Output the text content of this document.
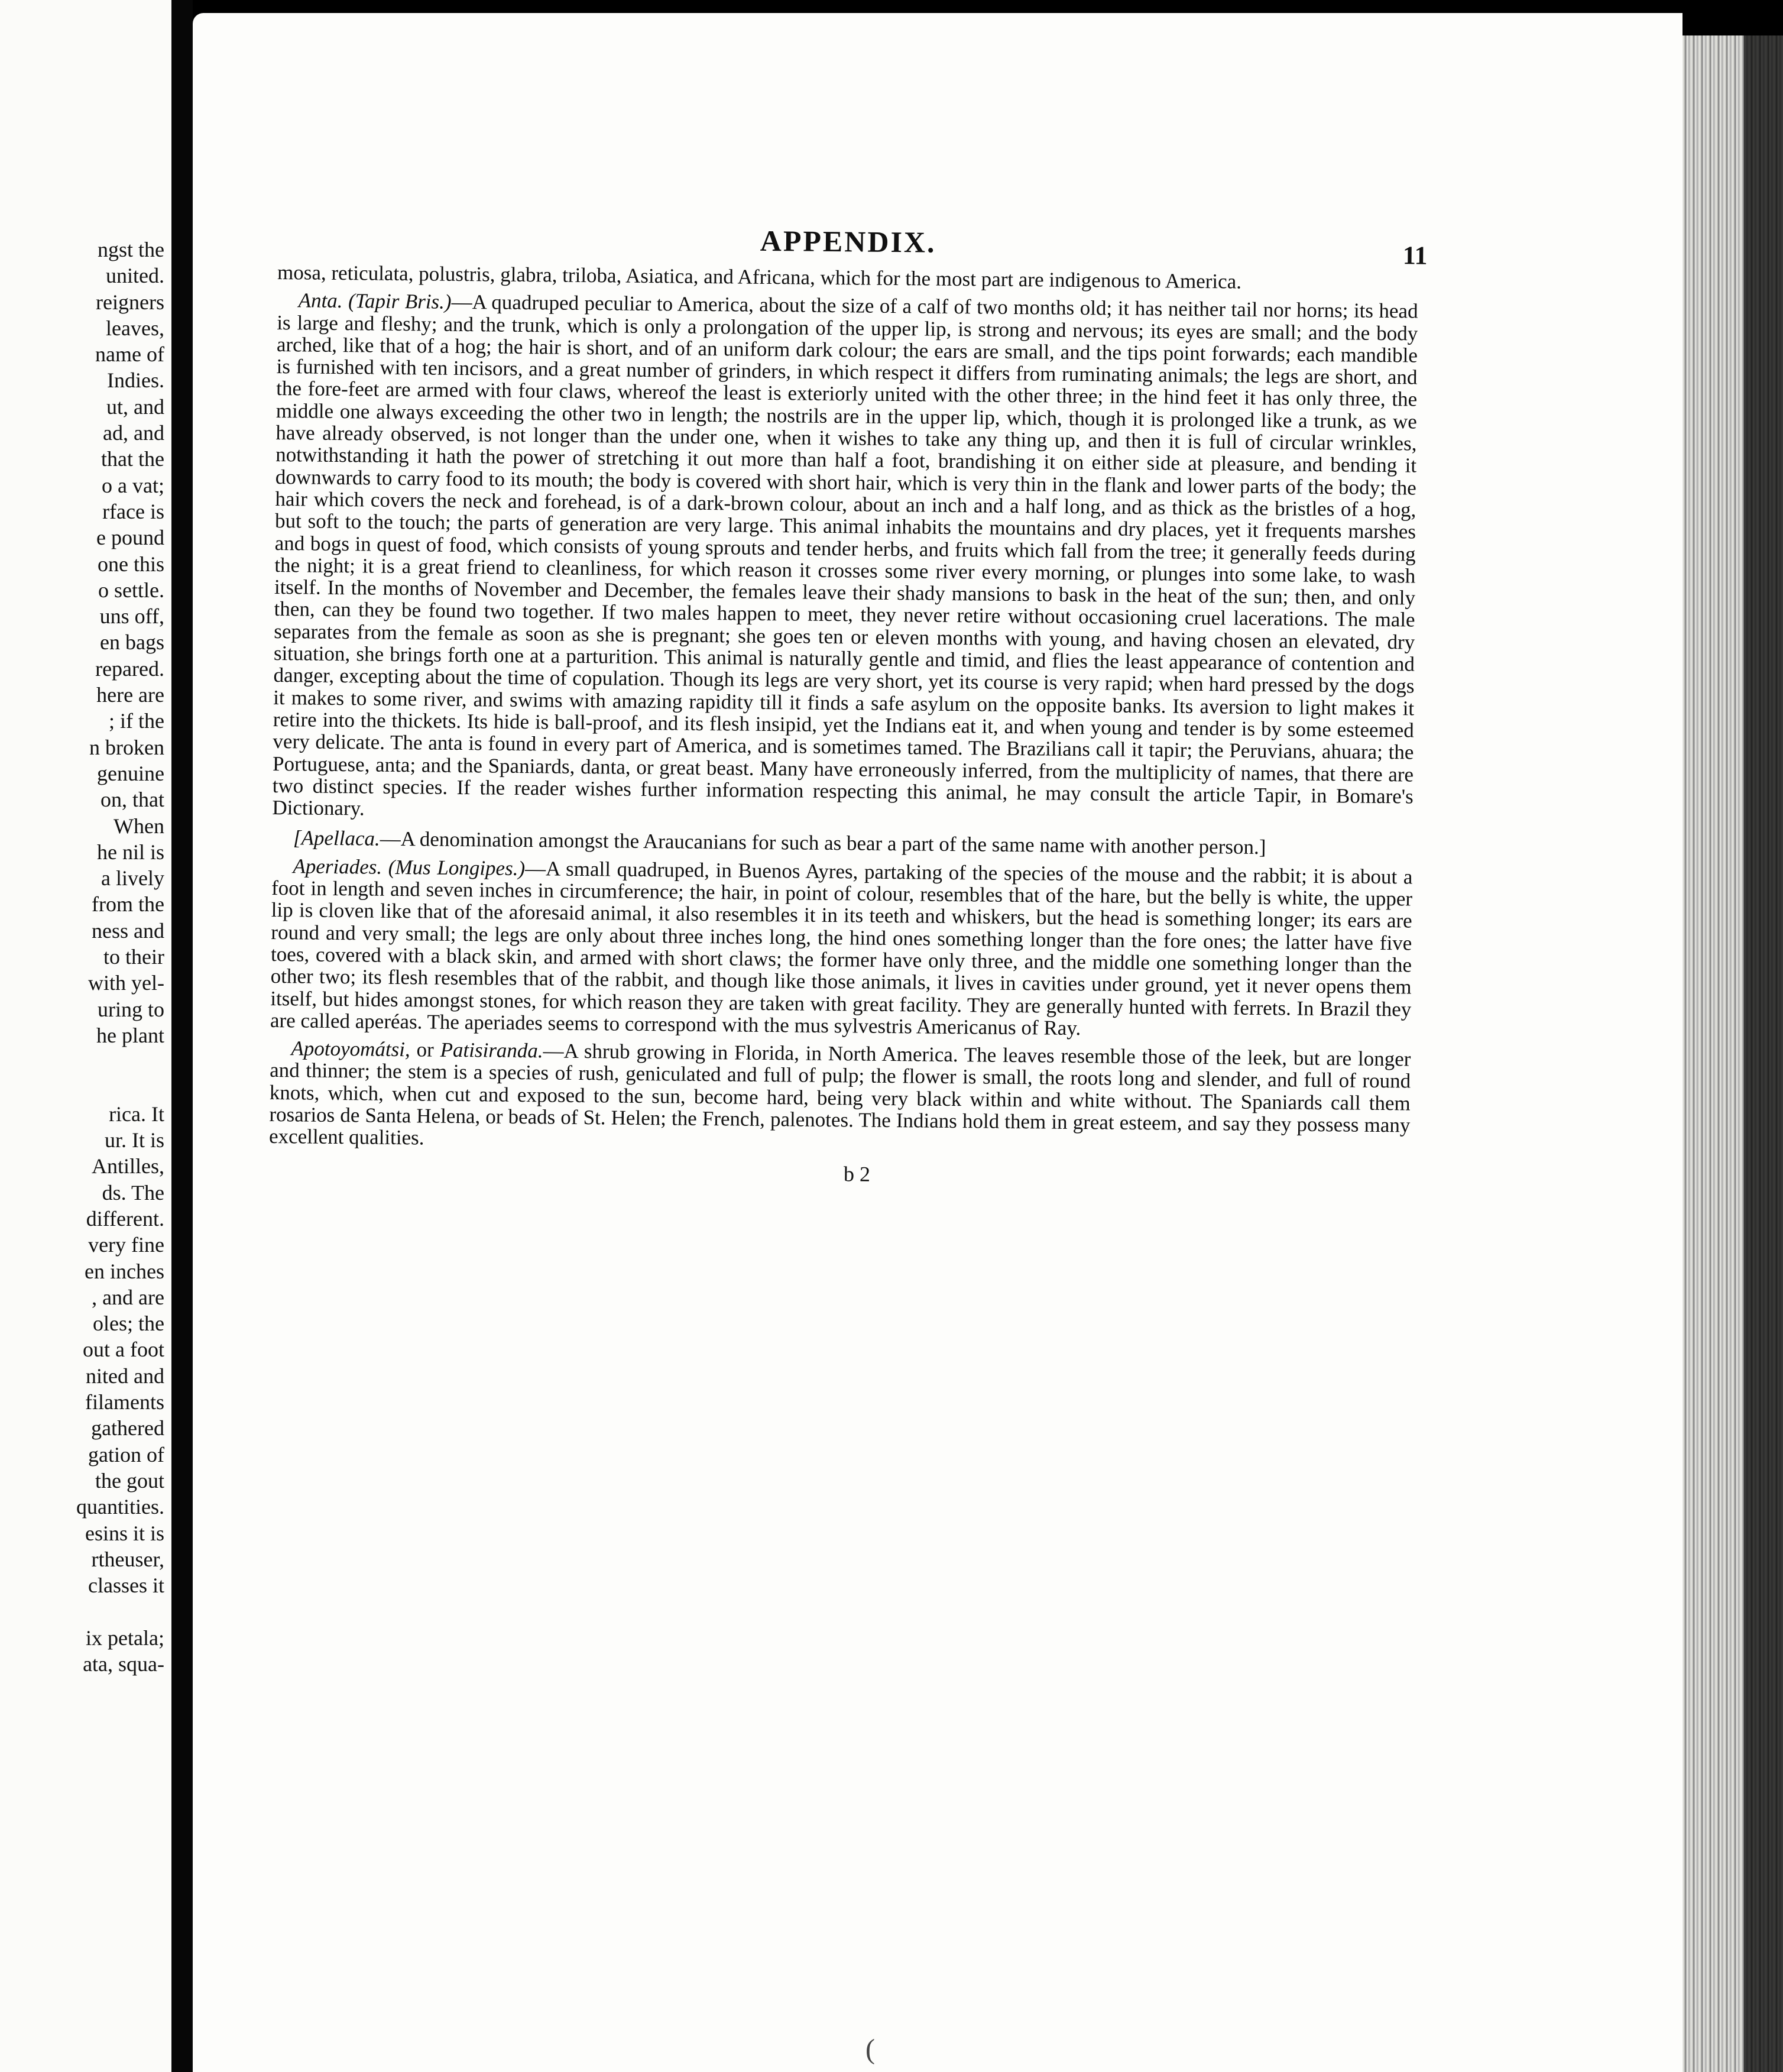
ngst the
united.
reigners
leaves,
name of
Indies.
ut, and
ad, and
that the
o a vat;
rface is
e pound
one this
o settle.
uns off,
en bags
repared.
here are
; if the
n broken
genuine
on, that
When
he nil is
a lively
from the
ness and
to their
with yel-
uring to
he plant

rica. It
ur. It is
Antilles,
ds. The
different.
very fine
en inches
, and are
oles; the
out a foot
nited and
filaments
gathered
gation of
the gout
quantities.
esins it is
rtheuser,
classes it

ix petala;
ata, squa-
APPENDIX.	11

mosa, reticulata, polustris, glabra, triloba, Asiatica, and Africana, which for the most part are indigenous to America.

Anta. (Tapir Bris.)—A quadruped peculiar to America, about the size of a calf of two months old; it has neither tail nor horns; its head is large and fleshy; and the trunk, which is only a prolongation of the upper lip, is strong and nervous; its eyes are small; and the body arched, like that of a hog; the hair is short, and of an uniform dark colour; the ears are small, and the tips point forwards; each mandible is furnished with ten incisors, and a great number of grinders, in which respect it differs from ruminating animals; the legs are short, and the fore-feet are armed with four claws, whereof the least is exteriorly united with the other three; in the hind feet it has only three, the middle one always exceeding the other two in length; the nostrils are in the upper lip, which, though it is prolonged like a trunk, as we have already observed, is not longer than the under one, when it wishes to take any thing up, and then it is full of circular wrinkles, notwithstanding it hath the power of stretching it out more than half a foot, brandishing it on either side at pleasure, and bending it downwards to carry food to its mouth; the body is covered with short hair, which is very thin in the flank and lower parts of the body; the hair which covers the neck and forehead, is of a dark-brown colour, about an inch and a half long, and as thick as the bristles of a hog, but soft to the touch; the parts of generation are very large. This animal inhabits the mountains and dry places, yet it frequents marshes and bogs in quest of food, which consists of young sprouts and tender herbs, and fruits which fall from the tree; it generally feeds during the night; it is a great friend to cleanliness, for which reason it crosses some river every morning, or plunges into some lake, to wash itself. In the months of November and December, the females leave their shady mansions to bask in the heat of the sun; then, and only then, can they be found two together. If two males happen to meet, they never retire without occasioning cruel lacerations. The male separates from the female as soon as she is pregnant; she goes ten or eleven months with young, and having chosen an elevated, dry situation, she brings forth one at a parturition. This animal is naturally gentle and timid, and flies the least appearance of contention and danger, excepting about the time of copulation. Though its legs are very short, yet its course is very rapid; when hard pressed by the dogs it makes to some river, and swims with amazing rapidity till it finds a safe asylum on the opposite banks. Its aversion to light makes it retire into the thickets. Its hide is ball-proof, and its flesh insipid, yet the Indians eat it, and when young and tender is by some esteemed very delicate. The anta is found in every part of America, and is sometimes tamed. The Brazilians call it tapir; the Peruvians, ahuara; the Portuguese, anta; and the Spaniards, danta, or great beast. Many have erroneously inferred, from the multiplicity of names, that there are two distinct species. If the reader wishes further information respecting this animal, he may consult the article Tapir, in Bomare's Dictionary.

[Apellaca.—A denomination amongst the Araucanians for such as bear a part of the same name with another person.]

Aperiades. (Mus Longipes.)—A small quadruped, in Buenos Ayres, partaking of the species of the mouse and the rabbit; it is about a foot in length and seven inches in circumference; the hair, in point of colour, resembles that of the hare, but the belly is white, the upper lip is cloven like that of the aforesaid animal, it also resembles it in its teeth and whiskers, but the head is something longer; its ears are round and very small; the legs are only about three inches long, the hind ones something longer than the fore ones; the latter have five toes, covered with a black skin, and armed with short claws; the former have only three, and the middle one something longer than the other two; its flesh resembles that of the rabbit, and though like those animals, it lives in cavities under ground, yet it never opens them itself, but hides amongst stones, for which reason they are taken with great facility. They are generally hunted with ferrets. In Brazil they are called aperéas. The aperiades seems to correspond with the mus sylvestris Americanus of Ray.

Apotoyomátsi, or Patisiranda.—A shrub growing in Florida, in North America. The leaves resemble those of the leek, but are longer and thinner; the stem is a species of rush, geniculated and full of pulp; the flower is small, the roots long and slender, and full of round knots, which, when cut and exposed to the sun, become hard, being very black within and white without. The Spaniards call them rosarios de Santa Helena, or beads of St. Helen; the French, palenotes. The Indians hold them in great esteem, and say they possess many excellent qualities.

b 2
(
